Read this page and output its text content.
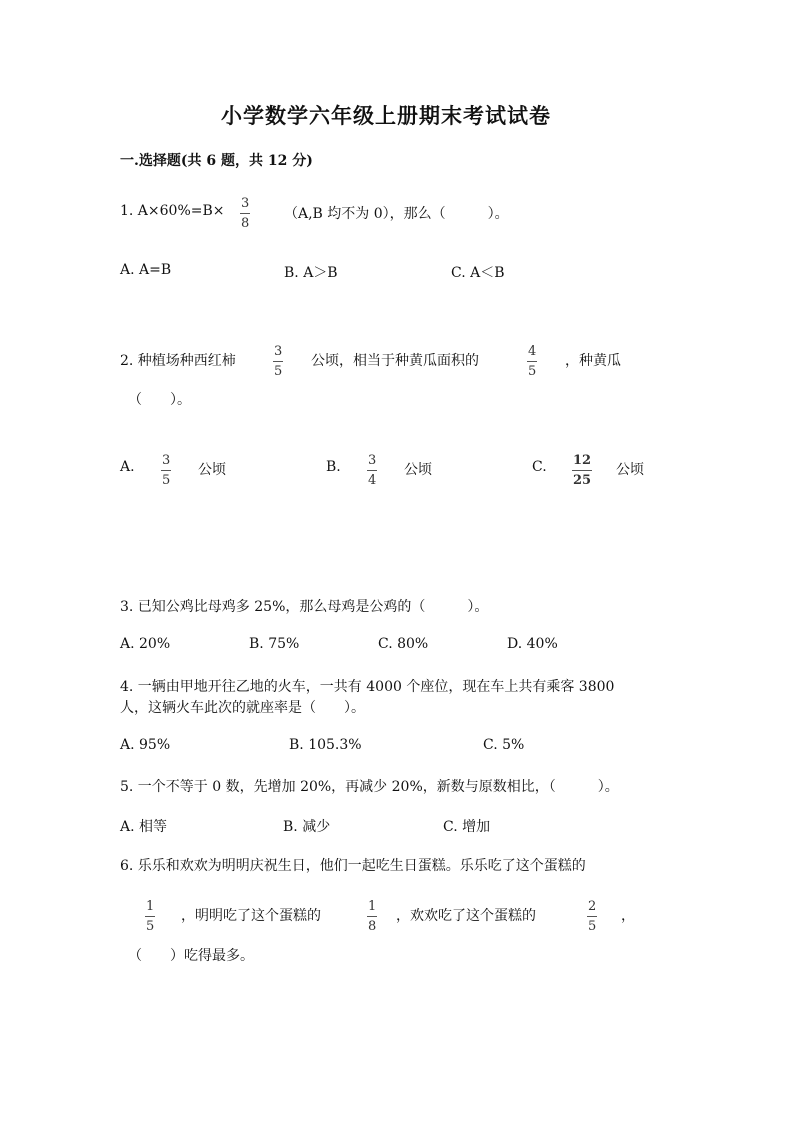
小学数学六年级上册期末考试试卷
一.选择题(共 6 题，共 12 分)
1. A×60%=B× 3
8
（A,B 均不为 0），那么（　　　）。
A. A=B	B. A＞B	C. A＜B
2. 种植场种西红柿
3
5
公顷，相当于种黄瓜面积的
4
5
，种黄瓜
（　　）。
A. 3
5
公顷	B. 3
4
公顷	C. 12
25
公顷
3. 已知公鸡比母鸡多 25%，那么母鸡是公鸡的（　　　）。
A. 20%	B. 75%	C. 80%	D. 40%
4. 一辆由甲地开往乙地的火车，一共有 4000 个座位，现在车上共有乘客 3800
人，这辆火车此次的就座率是（　　）。
A. 95%	B. 105.3%	C. 5%
5. 一个不等于 0 数，先增加 20%，再减少 20%，新数与原数相比，（　　　）。
A. 相等	B. 减少	C. 增加
6. 乐乐和欢欢为明明庆祝生日，他们一起吃生日蛋糕。乐乐吃了这个蛋糕的
1
5
，明明吃了这个蛋糕的
1
8
，欢欢吃了这个蛋糕的
2
5
，
（　　）吃得最多。
